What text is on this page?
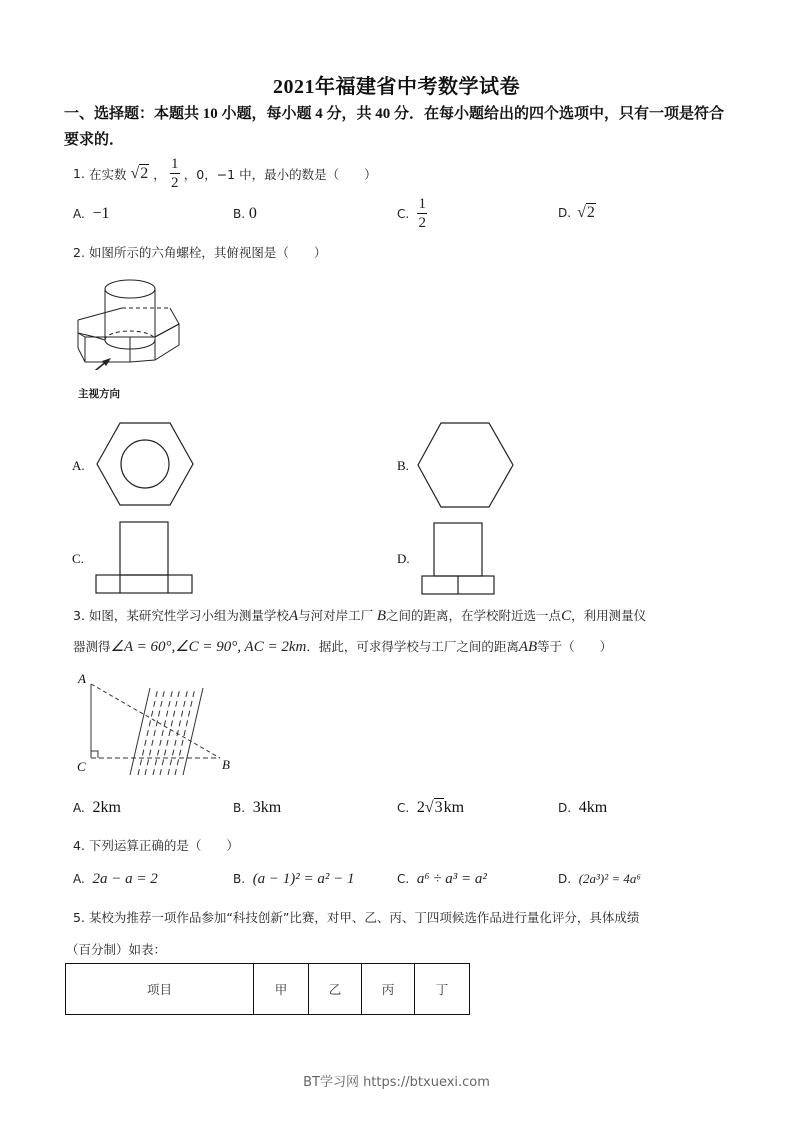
2021年福建省中考数学试卷
一、选择题：本题共 10 小题，每小题 4 分，共 40 分．在每小题给出的四个选项中，只有一项是符合要求的．
1. 在实数 √2 ， $\frac{1}{2}$ ，0，−1 中，最小的数是（　　）
A. −1	B. 0	C. $\frac{1}{2}$	D. √2
2. 如图所示的六角螺栓，其俯视图是（　　）
主视方向
A.	B.
C.	D.
3. 如图，某研究性学习小组为测量学校A与河对岸工厂 B之间的距离，在学校附近选一点C，利用测量仪
器测得∠A = 60°,∠C = 90°, AC = 2km．据此，可求得学校与工厂之间的距离AB等于（　　）
A
C	B
A. 2km	B. 3km	C. 2√3km	D. 4km
4. 下列运算正确的是（　　）
A. 2a − a = 2	B. (a − 1)² = a² − 1	C. a⁶ ÷ a³ = a²	D. (2a³)² = 4a⁶
5. 某校为推荐一项作品参加“科技创新”比赛，对甲、乙、丙、丁四项候选作品进行量化评分，具体成绩
（百分制）如表：
项目	甲	乙	丙	丁
BT学习网 https://btxuexi.com
